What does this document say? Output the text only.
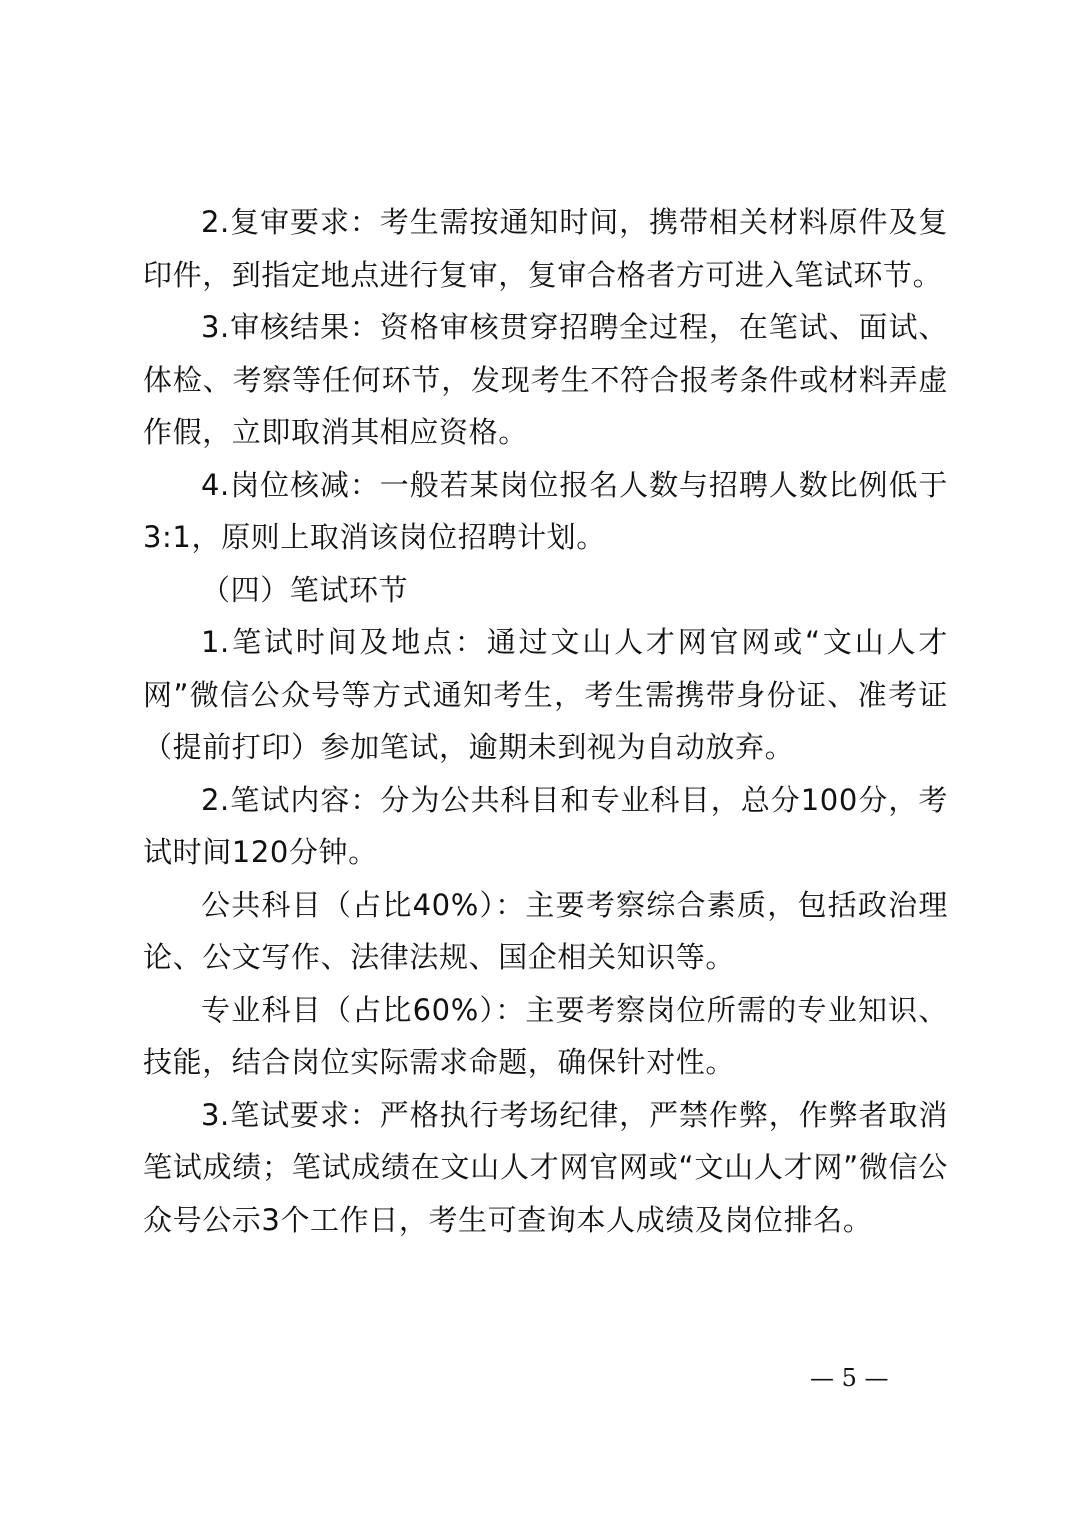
2.复审要求：考生需按通知时间，携带相关材料原件及复印件，到指定地点进行复审，复审合格者方可进入笔试环节。

3.审核结果：资格审核贯穿招聘全过程，在笔试、面试、体检、考察等任何环节，发现考生不符合报考条件或材料弄虚作假，立即取消其相应资格。

4.岗位核减：一般若某岗位报名人数与招聘人数比例低于3:1，原则上取消该岗位招聘计划。

（四）笔试环节

1.笔试时间及地点：通过文山人才网官网或“文山人才网”微信公众号等方式通知考生，考生需携带身份证、准考证（提前打印）参加笔试，逾期未到视为自动放弃。

2.笔试内容：分为公共科目和专业科目，总分100分，考试时间120分钟。

公共科目（占比40%）：主要考察综合素质，包括政治理论、公文写作、法律法规、国企相关知识等。

专业科目（占比60%）：主要考察岗位所需的专业知识、技能，结合岗位实际需求命题，确保针对性。

3.笔试要求：严格执行考场纪律，严禁作弊，作弊者取消笔试成绩；笔试成绩在文山人才网官网或“文山人才网”微信公众号公示3个工作日，考生可查询本人成绩及岗位排名。

— 5 —
